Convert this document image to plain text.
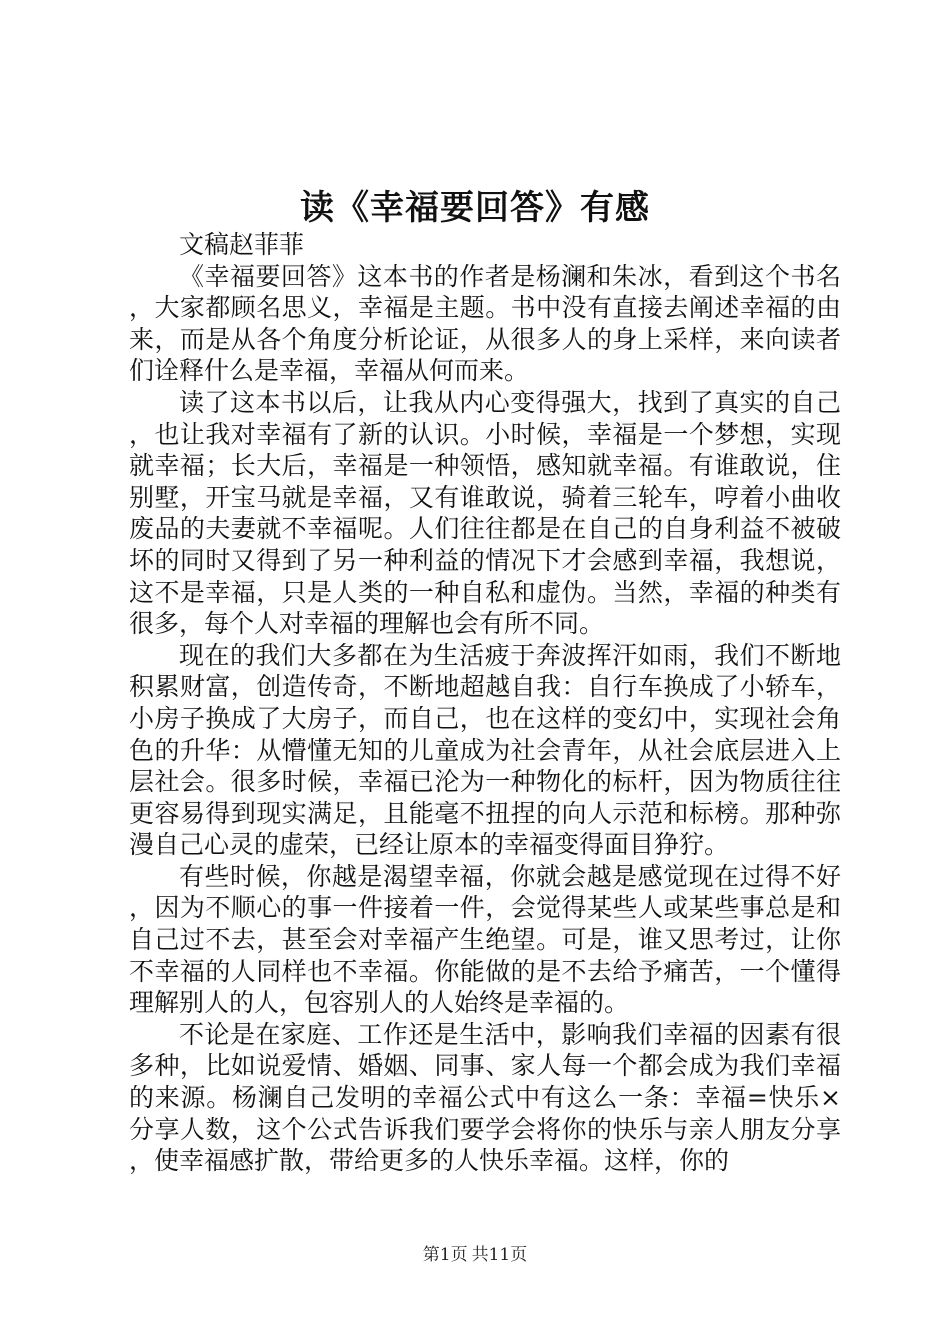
读《幸福要回答》有感

文稿赵菲菲

《幸福要回答》这本书的作者是杨澜和朱冰，看到这个书名，大家都顾名思义，幸福是主题。书中没有直接去阐述幸福的由来，而是从各个角度分析论证，从很多人的身上采样，来向读者们诠释什么是幸福，幸福从何而来。

读了这本书以后，让我从内心变得强大，找到了真实的自己，也让我对幸福有了新的认识。小时候，幸福是一个梦想，实现就幸福；长大后，幸福是一种领悟，感知就幸福。有谁敢说，住别墅，开宝马就是幸福，又有谁敢说，骑着三轮车，哼着小曲收废品的夫妻就不幸福呢。人们往往都是在自己的自身利益不被破坏的同时又得到了另一种利益的情况下才会感到幸福，我想说，这不是幸福，只是人类的一种自私和虚伪。当然，幸福的种类有很多，每个人对幸福的理解也会有所不同。

现在的我们大多都在为生活疲于奔波挥汗如雨，我们不断地积累财富，创造传奇，不断地超越自我：自行车换成了小轿车，小房子换成了大房子，而自己，也在这样的变幻中，实现社会角色的升华：从懵懂无知的儿童成为社会青年，从社会底层进入上层社会。很多时候，幸福已沦为一种物化的标杆，因为物质往往更容易得到现实满足，且能毫不扭捏的向人示范和标榜。那种弥漫自己心灵的虚荣，已经让原本的幸福变得面目狰狞。

有些时候，你越是渴望幸福，你就会越是感觉现在过得不好，因为不顺心的事一件接着一件，会觉得某些人或某些事总是和自己过不去，甚至会对幸福产生绝望。可是，谁又思考过，让你不幸福的人同样也不幸福。你能做的是不去给予痛苦，一个懂得理解别人的人，包容别人的人始终是幸福的。

不论是在家庭、工作还是生活中，影响我们幸福的因素有很多种，比如说爱情、婚姻、同事、家人每一个都会成为我们幸福的来源。杨澜自己发明的幸福公式中有这么一条：幸福=快乐×分享人数，这个公式告诉我们要学会将你的快乐与亲人朋友分享，使幸福感扩散，带给更多的人快乐幸福。这样，你的

第1页 共11页
